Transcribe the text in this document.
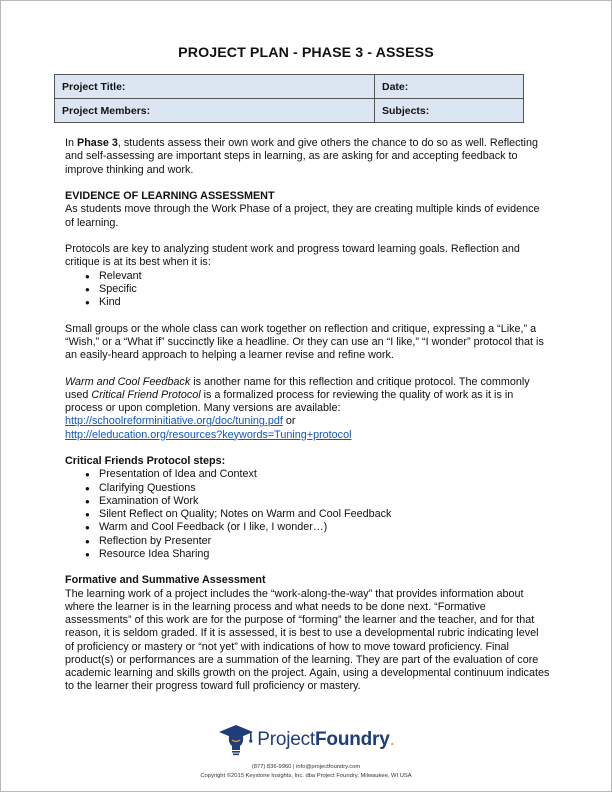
PROJECT PLAN - PHASE 3 - ASSESS
Project Title:	Date:
Project Members:	Subjects:

In Phase 3, students assess their own work and give others the chance to do so as well. Reflecting and self-assessing are important steps in learning, as are asking for and accepting feedback to improve thinking and work.

EVIDENCE OF LEARNING ASSESSMENT

As students move through the Work Phase of a project, they are creating multiple kinds of evidence of learning.

Protocols are key to analyzing student work and progress toward learning goals. Reflection and critique is at its best when it is:

● Relevant
● Specific
● Kind

Small groups or the whole class can work together on reflection and critique, expressing a “Like,” a “Wish,” or a “What if” succinctly like a headline. Or they can use an “I like,” “I wonder” protocol that is an easily-heard approach to helping a learner revise and refine work.

Warm and Cool Feedback is another name for this reflection and critique protocol. The commonly used Critical Friend Protocol is a formalized process for reviewing the quality of work as it is in process or upon completion. Many versions are available:

http://schoolreforminitiative.org/doc/tuning.pdf or

http://eleducation.org/resources?keywords=Tuning+protocol

Critical Friends Protocol steps:

● Presentation of Idea and Context
● Clarifying Questions
● Examination of Work
● Silent Reflect on Quality; Notes on Warm and Cool Feedback
● Warm and Cool Feedback (or I like, I wonder…)
● Reflection by Presenter
● Resource Idea Sharing

Formative and Summative Assessment

The learning work of a project includes the “work-along-the-way” that provides information about where the learner is in the learning process and what needs to be done next. “Formative assessments” of this work are for the purpose of “forming” the learner and the teacher, and for that reason, it is seldom graded. If it is assessed, it is best to use a developmental rubric indicating level of proficiency or mastery or “not yet” with indications of how to move toward proficiency. Final product(s) or performances are a summation of the learning. They are part of the evaluation of core academic learning and skills growth on the project. Again, using a developmental continuum indicates to the learner their progress toward full proficiency or mastery.

ProjectFoundry.
(877) 836-9960 | info@projectfoundry.com
Copyright ©2015 Keystone Insights, Inc. dba Project Foundry, Milwaukee, WI USA
